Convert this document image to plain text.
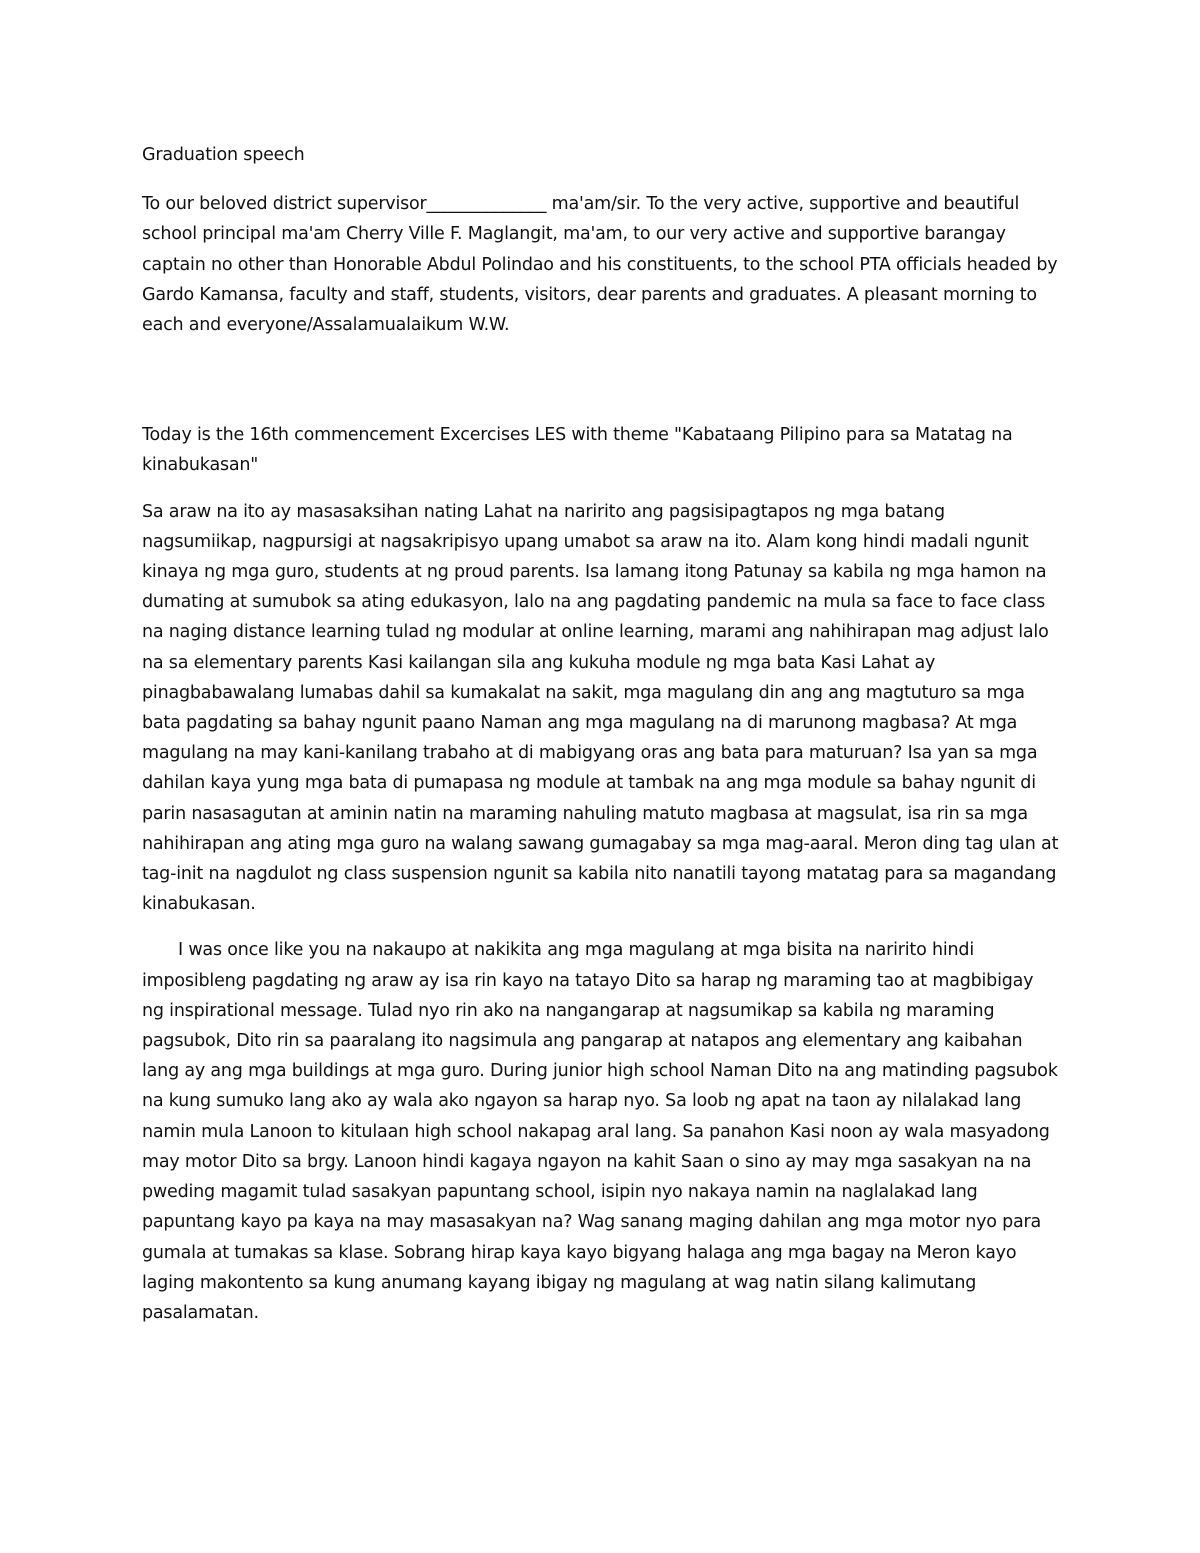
Graduation speech

To our beloved district supervisor______________ ma'am/sir. To the very active, supportive and beautiful school principal ma'am Cherry Ville F. Maglangit, ma'am, to our very active and supportive barangay captain no other than Honorable Abdul Polindao and his constituents, to the school PTA officials headed by Gardo Kamansa, faculty and staff, students, visitors, dear parents and graduates. A pleasant morning to each and everyone/Assalamualaikum W.W.

Today is the 16th commencement Excercises LES with theme "Kabataang Pilipino para sa Matatag na kinabukasan"

Sa araw na ito ay masasaksihan nating Lahat na naririto ang pagsisipagtapos ng mga batang nagsumiikap, nagpursigi at nagsakripisyo upang umabot sa araw na ito. Alam kong hindi madali ngunit kinaya ng mga guro, students at ng proud parents. Isa lamang itong Patunay sa kabila ng mga hamon na dumating at sumubok sa ating edukasyon, lalo na ang pagdating pandemic na mula sa face to face class na naging distance learning tulad ng modular at online learning, marami ang nahihirapan mag adjust lalo na sa elementary parents Kasi kailangan sila ang kukuha module ng mga bata Kasi Lahat ay pinagbabawalang lumabas dahil sa kumakalat na sakit, mga magulang din ang ang magtuturo sa mga bata pagdating sa bahay ngunit paano Naman ang mga magulang na di marunong magbasa? At mga magulang na may kani-kanilang trabaho at di mabigyang oras ang bata para maturuan? Isa yan sa mga dahilan kaya yung mga bata di pumapasa ng module at tambak na ang mga module sa bahay ngunit di parin nasasagutan at aminin natin na maraming nahuling matuto magbasa at magsulat, isa rin sa mga nahihirapan ang ating mga guro na walang sawang gumagabay sa mga mag-aaral. Meron ding tag ulan at tag-init na nagdulot ng class suspension ngunit sa kabila nito nanatili tayong matatag para sa magandang kinabukasan.

I was once like you na nakaupo at nakikita ang mga magulang at mga bisita na naririto hindi imposibleng pagdating ng araw ay isa rin kayo na tatayo Dito sa harap ng maraming tao at magbibigay ng inspirational message. Tulad nyo rin ako na nangangarap at nagsumikap sa kabila ng maraming pagsubok, Dito rin sa paaralang ito nagsimula ang pangarap at natapos ang elementary ang kaibahan lang ay ang mga buildings at mga guro. During junior high school Naman Dito na ang matinding pagsubok na kung sumuko lang ako ay wala ako ngayon sa harap nyo. Sa loob ng apat na taon ay nilalakad lang namin mula Lanoon to kitulaan high school nakapag aral lang. Sa panahon Kasi noon ay wala masyadong may motor Dito sa brgy. Lanoon hindi kagaya ngayon na kahit Saan o sino ay may mga sasakyan na na pweding magamit tulad sasakyan papuntang school, isipin nyo nakaya namin na naglalakad lang papuntang kayo pa kaya na may masasakyan na? Wag sanang maging dahilan ang mga motor nyo para gumala at tumakas sa klase. Sobrang hirap kaya kayo bigyang halaga ang mga bagay na Meron kayo laging makontento sa kung anumang kayang ibigay ng magulang at wag natin silang kalimutang pasalamatan.
